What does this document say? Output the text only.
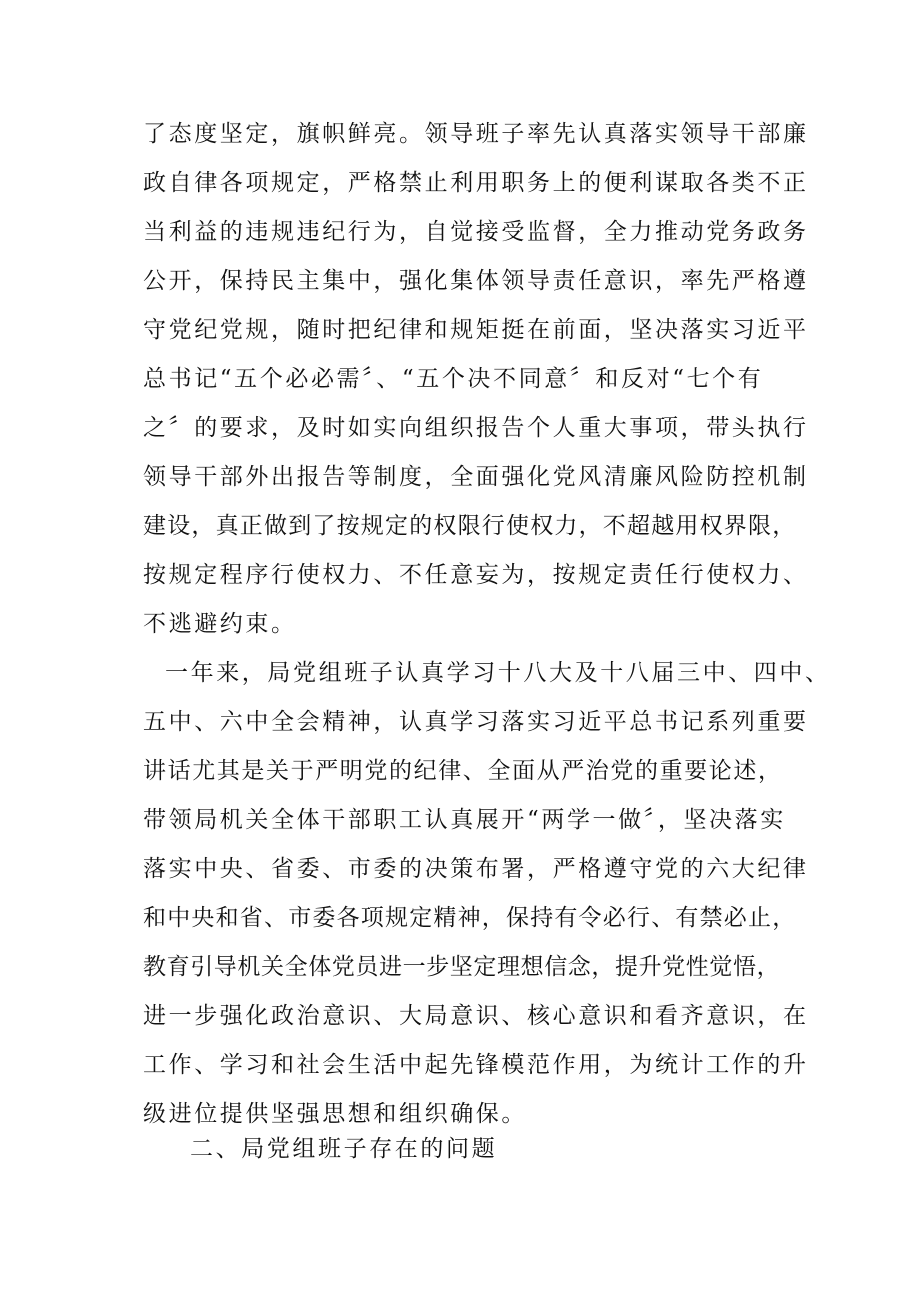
了态度坚定，旗帜鲜亮。领导班子率先认真落实领导干部廉
政自律各项规定，严格禁止利用职务上的便利谋取各类不正
当利益的违规违纪行为，自觉接受监督，全力推动党务政务
公开，保持民主集中，强化集体领导责任意识，率先严格遵
守党纪党规，随时把纪律和规矩挺在前面，坚决落实习近平
总书记“五个必必需〞、“五个决不同意〞和反对“七个有
之〞的要求，及时如实向组织报告个人重大事项，带头执行
领导干部外出报告等制度，全面强化党风清廉风险防控机制
建设，真正做到了按规定的权限行使权力，不超越用权界限，
按规定程序行使权力、不任意妄为，按规定责任行使权力、
不逃避约束。
一年来，局党组班子认真学习十八大及十八届三中、四中、
五中、六中全会精神，认真学习落实习近平总书记系列重要
讲话尤其是关于严明党的纪律、全面从严治党的重要论述，
带领局机关全体干部职工认真展开“两学一做〞，坚决落实
落实中央、省委、市委的决策布署，严格遵守党的六大纪律
和中央和省、市委各项规定精神，保持有令必行、有禁必止，
教育引导机关全体党员进一步坚定理想信念，提升党性觉悟，
进一步强化政治意识、大局意识、核心意识和看齐意识，在
工作、学习和社会生活中起先锋模范作用，为统计工作的升
级进位提供坚强思想和组织确保。
二、局党组班子存在的问题
